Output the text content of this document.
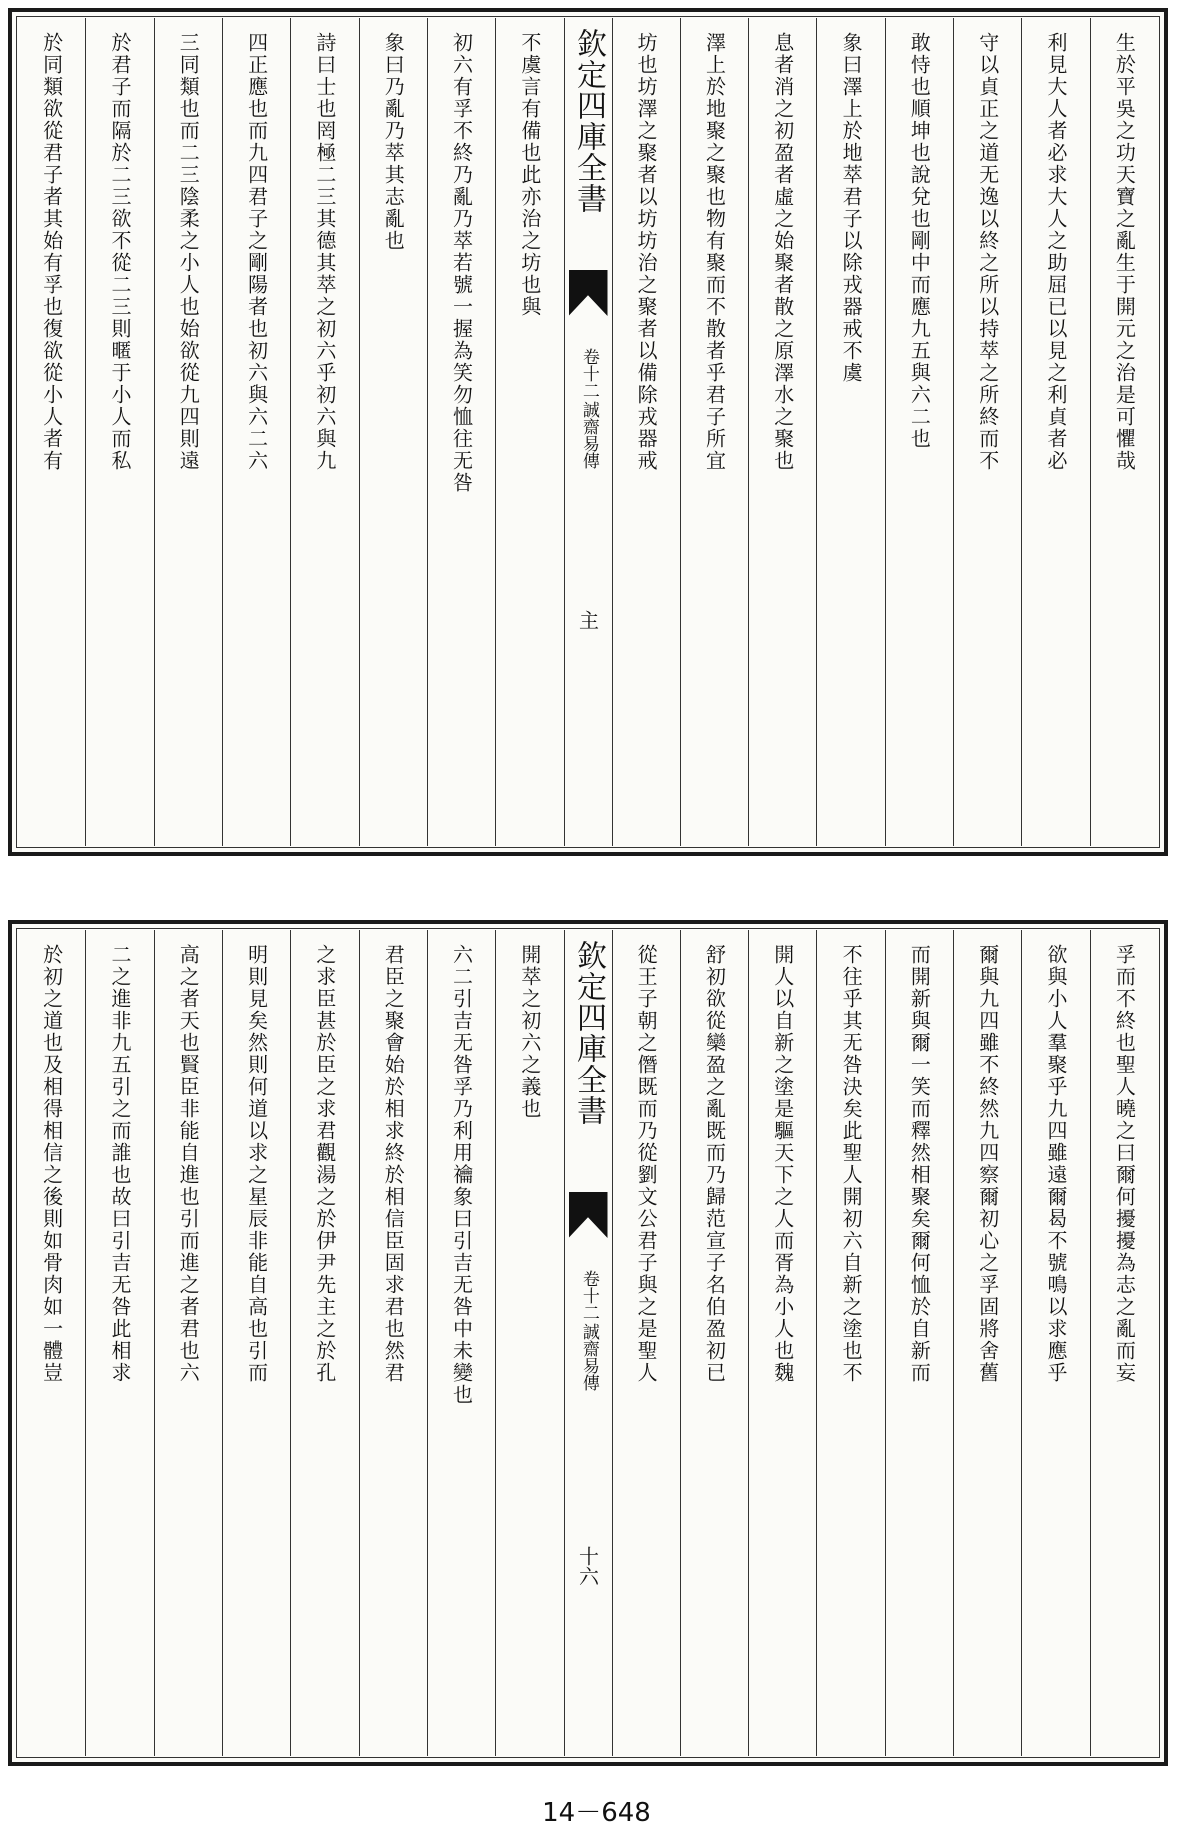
生於平吳之功天寶之亂生于開元之治是可懼哉
利見大人者必求大人之助屈已以見之利貞者必
守以貞正之道无逸以終之所以持萃之所終而不
敢恃也順坤也說兌也剛中而應九五與六二也
象曰澤上於地萃君子以除戎器戒不虞
息者消之初盈者虛之始聚者散之原澤水之聚也
澤上於地聚之聚也物有聚而不散者乎君子所宜
坊也坊澤之聚者以坊坊治之聚者以備除戎器戒
欽定四庫全書
誠齋易傳
卷十二
主
不虞言有備也此亦治之坊也與
初六有孚不終乃亂乃萃若號一握為笑勿恤往无咎
象曰乃亂乃萃其志亂也
詩曰士也罔極二三其德其萃之初六乎初六與九
四正應也而九四君子之剛陽者也初六與六二六
三同類也而二三陰柔之小人也始欲從九四則遠
於君子而隔於二三欲不從二三則暱于小人而私
於同類欲從君子者其始有孚也復欲從小人者有
孚而不終也聖人曉之曰爾何擾擾為志之亂而妄
欲與小人羣聚乎九四雖遠爾曷不號鳴以求應乎
爾與九四雖不終然九四察爾初心之孚固將舍舊
而開新與爾一笑而釋然相聚矣爾何恤於自新而
不往乎其无咎決矣此聖人開初六自新之塗也不
開人以自新之塗是驅天下之人而胥為小人也魏
舒初欲從欒盈之亂既而乃歸范宣子名伯盈初已
從王子朝之僭既而乃從劉文公君子與之是聖人
欽定四庫全書
誠齋易傳
卷十二
十六
開萃之初六之義也
六二引吉无咎孚乃利用禴象曰引吉无咎中未變也
君臣之聚會始於相求終於相信臣固求君也然君
之求臣甚於臣之求君觀湯之於伊尹先主之於孔
明則見矣然則何道以求之星辰非能自高也引而
高之者天也賢臣非能自進也引而進之者君也六
二之進非九五引之而誰也故曰引吉无咎此相求
於初之道也及相得相信之後則如骨肉如一體豈
14－648
